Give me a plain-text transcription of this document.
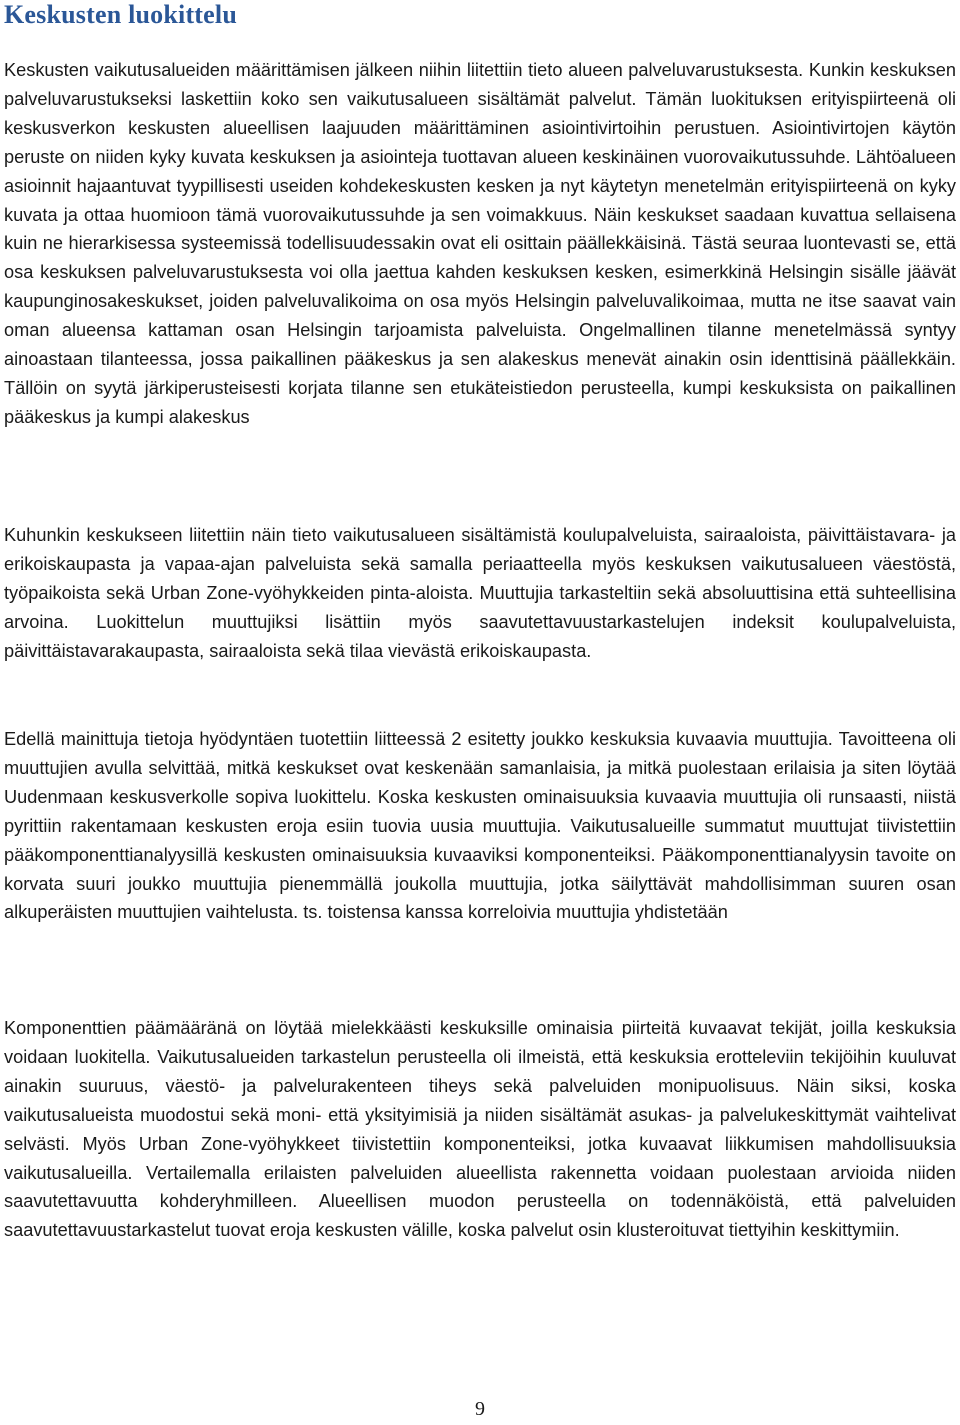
Keskusten luokittelu

Keskusten vaikutusalueiden määrittämisen jälkeen niihin liitettiin tieto alueen palveluvarustuksesta. Kunkin keskuksen palveluvarustukseksi laskettiin koko sen vaikutusalueen sisältämät palvelut. Tämän luokituksen erityispiirteenä oli keskusverkon keskusten alueellisen laajuuden määrittäminen asiointivirtoihin perustuen. Asiointivirtojen käytön peruste on niiden kyky kuvata keskuksen ja asiointeja tuottavan alueen keskinäinen vuorovaikutussuhde. Lähtöalueen asioinnit hajaantuvat tyypillisesti useiden kohdekeskusten kesken ja nyt käytetyn menetelmän erityispiirteenä on kyky kuvata ja ottaa huomioon tämä vuorovaikutussuhde ja sen voimakkuus. Näin keskukset saadaan kuvattua sellaisena kuin ne hierarkisessa systeemissä todellisuudessakin ovat eli osittain päällekkäisinä. Tästä seuraa luontevasti se, että osa keskuksen palveluvarustuksesta voi olla jaettua kahden keskuksen kesken, esimerkkinä Helsingin sisälle jäävät kaupunginosakeskukset, joiden palveluvalikoima on osa myös Helsingin palveluvalikoimaa, mutta ne itse saavat vain oman alueensa kattaman osan Helsingin tarjoamista palveluista. Ongelmallinen tilanne menetelmässä syntyy ainoastaan tilanteessa, jossa paikallinen pääkeskus ja sen alakeskus menevät ainakin osin identtisinä päällekkäin. Tällöin on syytä järkiperusteisesti korjata tilanne sen etukäteistiedon perusteella, kumpi keskuksista on paikallinen pääkeskus ja kumpi alakeskus

Kuhunkin keskukseen liitettiin näin tieto vaikutusalueen sisältämistä koulupalveluista, sairaaloista, päivittäistavara- ja erikoiskaupasta ja vapaa-ajan palveluista sekä samalla periaatteella myös keskuksen vaikutusalueen väestöstä, työpaikoista sekä Urban Zone-vyöhykkeiden pinta-aloista. Muuttujia tarkasteltiin sekä absoluuttisina että suhteellisina arvoina. Luokittelun muuttujiksi lisättiin myös saavutettavuustarkastelujen indeksit koulupalveluista, päivittäistavarakaupasta, sairaaloista sekä tilaa vievästä erikoiskaupasta.

Edellä mainittuja tietoja hyödyntäen tuotettiin liitteessä 2 esitetty joukko keskuksia kuvaavia muuttujia. Tavoitteena oli muuttujien avulla selvittää, mitkä keskukset ovat keskenään samanlaisia, ja mitkä puolestaan erilaisia ja siten löytää Uudenmaan keskusverkolle sopiva luokittelu. Koska keskusten ominaisuuksia kuvaavia muuttujia oli runsaasti, niistä pyrittiin rakentamaan keskusten eroja esiin tuovia uusia muuttujia. Vaikutusalueille summatut muuttujat tiivistettiin pääkomponenttianalyysillä keskusten ominaisuuksia kuvaaviksi komponenteiksi. Pääkomponenttianalyysin tavoite on korvata suuri joukko muuttujia pienemmällä joukolla muuttujia, jotka säilyttävät mahdollisimman suuren osan alkuperäisten muuttujien vaihtelusta. ts. toistensa kanssa korreloivia muuttujia yhdistetään

Komponenttien päämääränä on löytää mielekkäästi keskuksille ominaisia piirteitä kuvaavat tekijät, joilla keskuksia voidaan luokitella. Vaikutusalueiden tarkastelun perusteella oli ilmeistä, että keskuksia erotteleviin tekijöihin kuuluvat ainakin suuruus, väestö- ja palvelurakenteen tiheys sekä palveluiden monipuolisuus. Näin siksi, koska vaikutusalueista muodostui sekä moni- että yksityimisiä ja niiden sisältämät asukas- ja palvelukeskittymät vaihtelivat selvästi. Myös Urban Zone-vyöhykkeet tiivistettiin komponenteiksi, jotka kuvaavat liikkumisen mahdollisuuksia vaikutusalueilla. Vertailemalla erilaisten palveluiden alueellista rakennetta voidaan puolestaan arvioida niiden saavutettavuutta kohderyhmilleen. Alueellisen muodon perusteella on todennäköistä, että palveluiden saavutettavuustarkastelut tuovat eroja keskusten välille, koska palvelut osin klusteroituvat tiettyihin keskittymiin.

9
